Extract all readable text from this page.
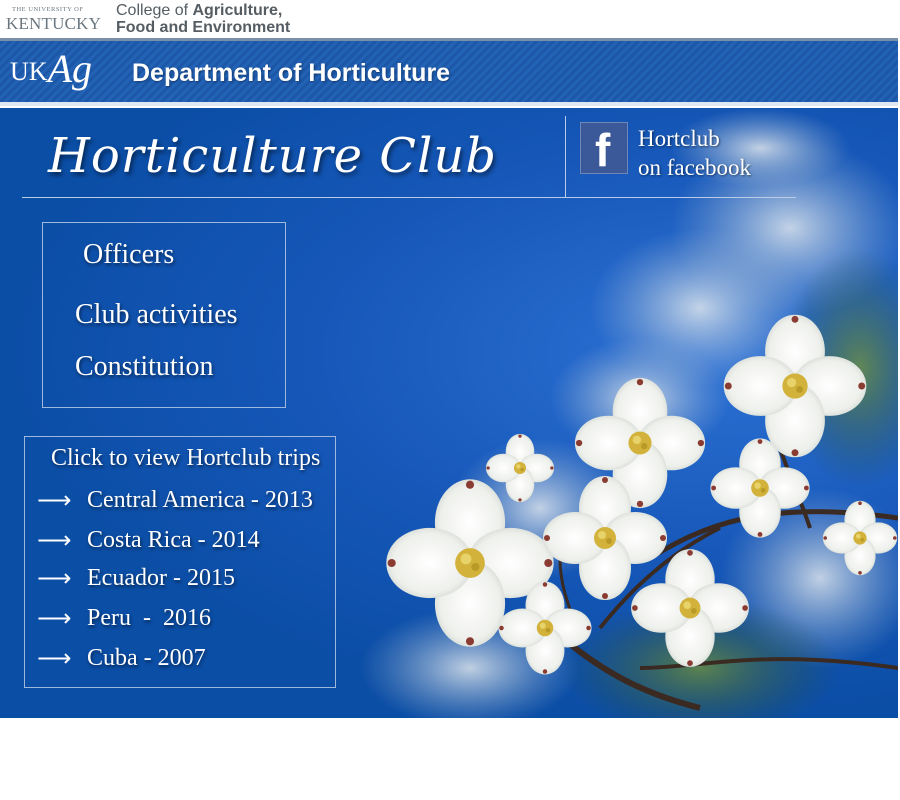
THE UNIVERSITY OF
KENTUCKY
College of Agriculture,
Food and Environment
UKAg Department of Horticulture
Horticulture Club f Hortclub
on facebook
Officers
Club activities
Constitution
Click to view Hortclub trips
⟶ Central America - 2013
⟶ Costa Rica - 2014
⟶ Ecuador - 2015
⟶ Peru  -  2016
⟶ Cuba - 2007
